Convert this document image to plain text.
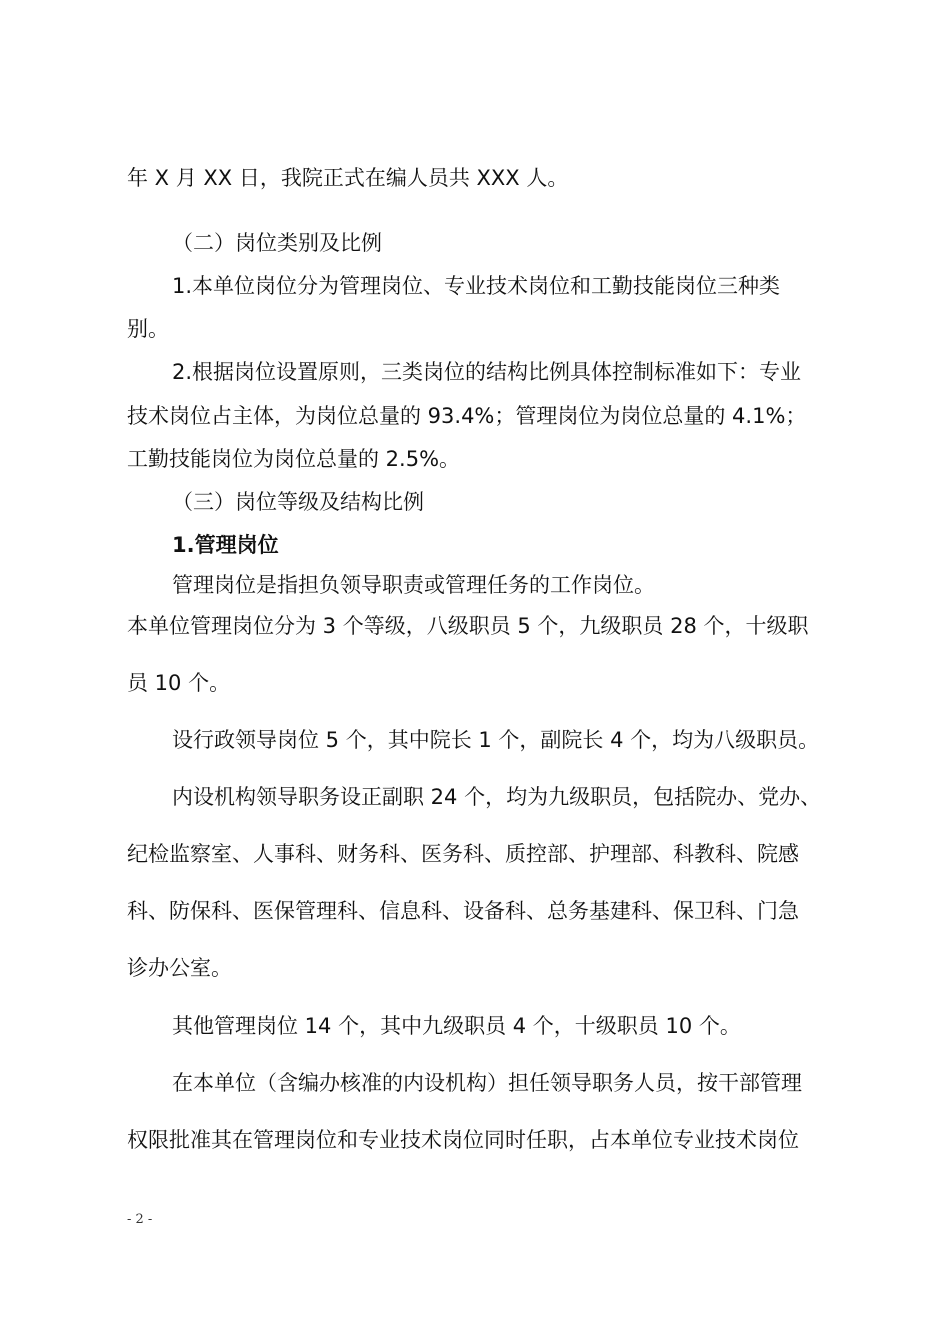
年 X 月 XX 日，我院正式在编人员共 XXX 人。
（二）岗位类别及比例
1.本单位岗位分为管理岗位、专业技术岗位和工勤技能岗位三种类
别。
2.根据岗位设置原则，三类岗位的结构比例具体控制标准如下：专业
技术岗位占主体，为岗位总量的 93.4%；管理岗位为岗位总量的 4.1%；
工勤技能岗位为岗位总量的 2.5%。
（三）岗位等级及结构比例
1.管理岗位
管理岗位是指担负领导职责或管理任务的工作岗位。
本单位管理岗位分为 3 个等级，八级职员 5 个，九级职员 28 个，十级职
员 10 个。
设行政领导岗位 5 个，其中院长 1 个，副院长 4 个，均为八级职员。
内设机构领导职务设正副职 24 个，均为九级职员，包括院办、党办、
纪检监察室、人事科、财务科、医务科、质控部、护理部、科教科、院感
科、防保科、医保管理科、信息科、设备科、总务基建科、保卫科、门急
诊办公室。
其他管理岗位 14 个，其中九级职员 4 个，十级职员 10 个。
在本单位（含编办核准的内设机构）担任领导职务人员，按干部管理
权限批准其在管理岗位和专业技术岗位同时任职，占本单位专业技术岗位
- 2 -
